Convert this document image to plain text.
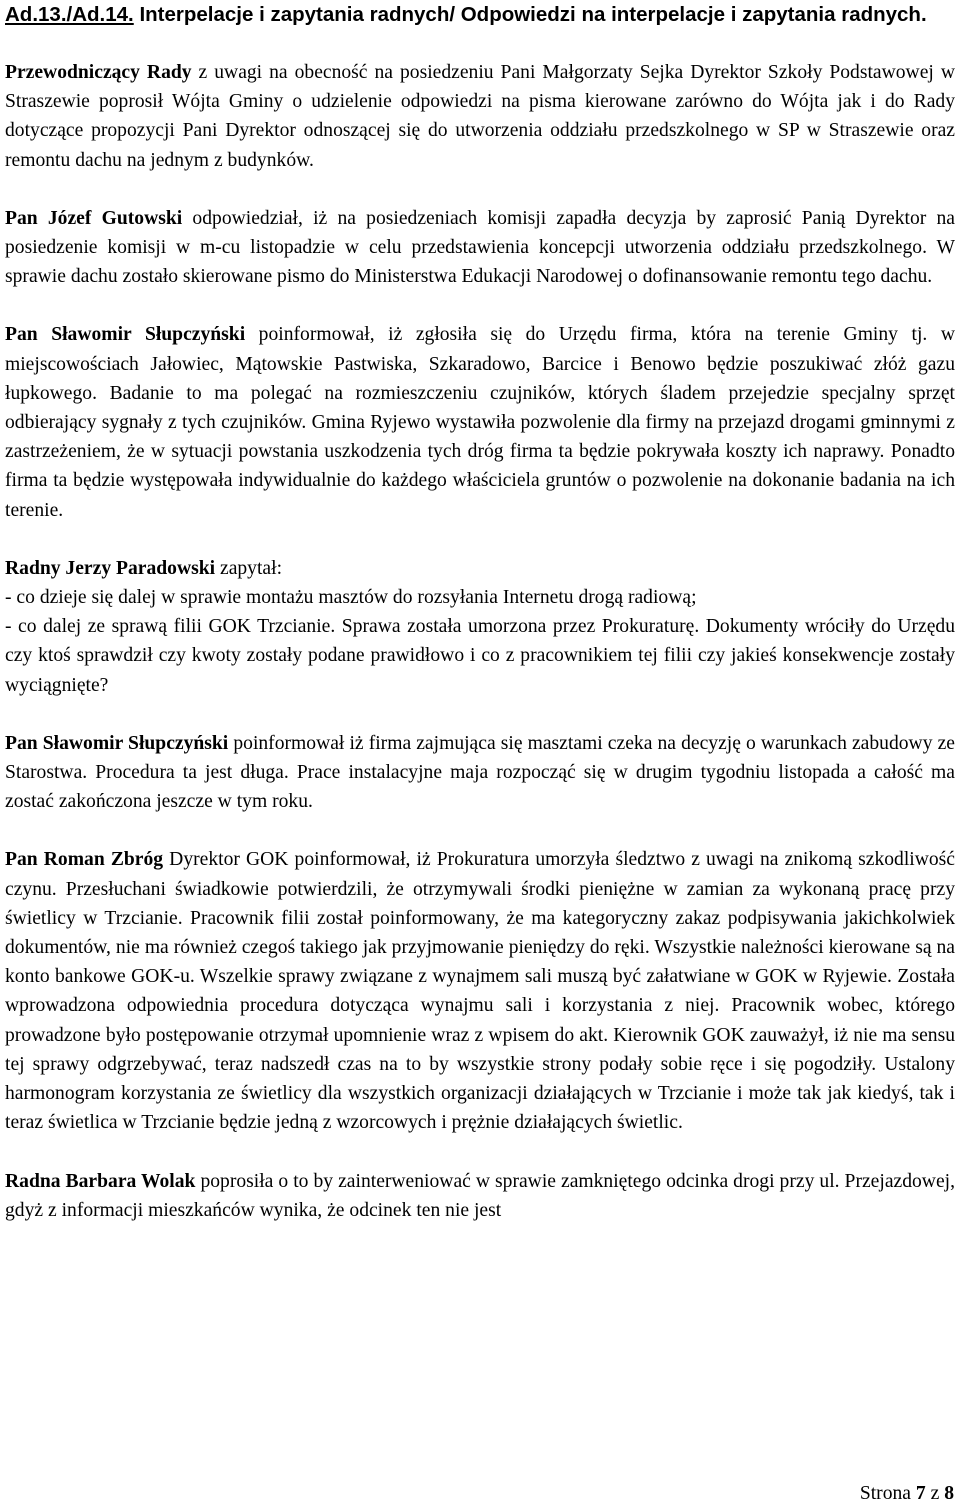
Ad.13./Ad.14. Interpelacje i zapytania radnych/ Odpowiedzi na interpelacje i zapytania radnych.

Przewodniczący Rady z uwagi na obecność na posiedzeniu Pani Małgorzaty Sejka Dyrektor Szkoły Podstawowej w Straszewie poprosił Wójta Gminy o udzielenie odpowiedzi na pisma kierowane zarówno do Wójta jak i do Rady dotyczące propozycji Pani Dyrektor odnoszącej się do utworzenia oddziału przedszkolnego w SP w Straszewie oraz remontu dachu na jednym z budynków.

Pan Józef Gutowski odpowiedział, iż na posiedzeniach komisji zapadła decyzja by zaprosić Panią Dyrektor na posiedzenie komisji w m-cu listopadzie w celu przedstawienia koncepcji utworzenia oddziału przedszkolnego. W sprawie dachu zostało skierowane pismo do Ministerstwa Edukacji Narodowej o dofinansowanie remontu tego dachu.

Pan Sławomir Słupczyński poinformował, iż zgłosiła się do Urzędu firma, która na terenie Gminy tj. w miejscowościach Jałowiec, Mątowskie Pastwiska, Szkaradowo, Barcice i Benowo będzie poszukiwać złóż gazu łupkowego. Badanie to ma polegać na rozmieszczeniu czujników, których śladem przejedzie specjalny sprzęt odbierający sygnały z tych czujników. Gmina Ryjewo wystawiła pozwolenie dla firmy na przejazd drogami gminnymi z zastrzeżeniem, że w sytuacji powstania uszkodzenia tych dróg firma ta będzie pokrywała koszty ich naprawy. Ponadto firma ta będzie występowała indywidualnie do każdego właściciela gruntów o pozwolenie na dokonanie badania na ich terenie.

Radny Jerzy Paradowski zapytał:
- co dzieje się dalej w sprawie montażu masztów do rozsyłania Internetu drogą radiową;
- co dalej ze sprawą filii GOK Trzcianie. Sprawa została umorzona przez Prokuraturę. Dokumenty wróciły do Urzędu czy ktoś sprawdził czy kwoty zostały podane prawidłowo i co z pracownikiem tej filii czy jakieś konsekwencje zostały wyciągnięte?

Pan Sławomir Słupczyński poinformował iż firma zajmująca się masztami czeka na decyzję o warunkach zabudowy ze Starostwa. Procedura ta jest długa. Prace instalacyjne maja rozpocząć się w drugim tygodniu listopada a całość ma zostać zakończona jeszcze w tym roku.

Pan Roman Zbróg Dyrektor GOK poinformował, iż Prokuratura umorzyła śledztwo z uwagi na znikomą szkodliwość czynu. Przesłuchani świadkowie potwierdzili, że otrzymywali środki pieniężne w zamian za wykonaną pracę przy świetlicy w Trzcianie. Pracownik filii został poinformowany, że ma kategoryczny zakaz podpisywania jakichkolwiek dokumentów, nie ma również czegoś takiego jak przyjmowanie pieniędzy do ręki. Wszystkie należności kierowane są na konto bankowe GOK-u. Wszelkie sprawy związane z wynajmem sali muszą być załatwiane w GOK w Ryjewie. Została wprowadzona odpowiednia procedura dotycząca wynajmu sali i korzystania z niej. Pracownik wobec, którego prowadzone było postępowanie otrzymał upomnienie wraz z wpisem do akt. Kierownik GOK zauważył, iż nie ma sensu tej sprawy odgrzebywać, teraz nadszedł czas na to by wszystkie strony podały sobie ręce i się pogodziły. Ustalony harmonogram korzystania ze świetlicy dla wszystkich organizacji działających w Trzcianie i może tak jak kiedyś, tak i teraz świetlica w Trzcianie będzie jedną z wzorcowych i prężnie działających świetlic.

Radna Barbara Wolak poprosiła o to by zainterweniować w sprawie zamkniętego odcinka drogi przy ul. Przejazdowej, gdyż z informacji mieszkańców wynika, że odcinek ten nie jest

Strona 7 z 8
